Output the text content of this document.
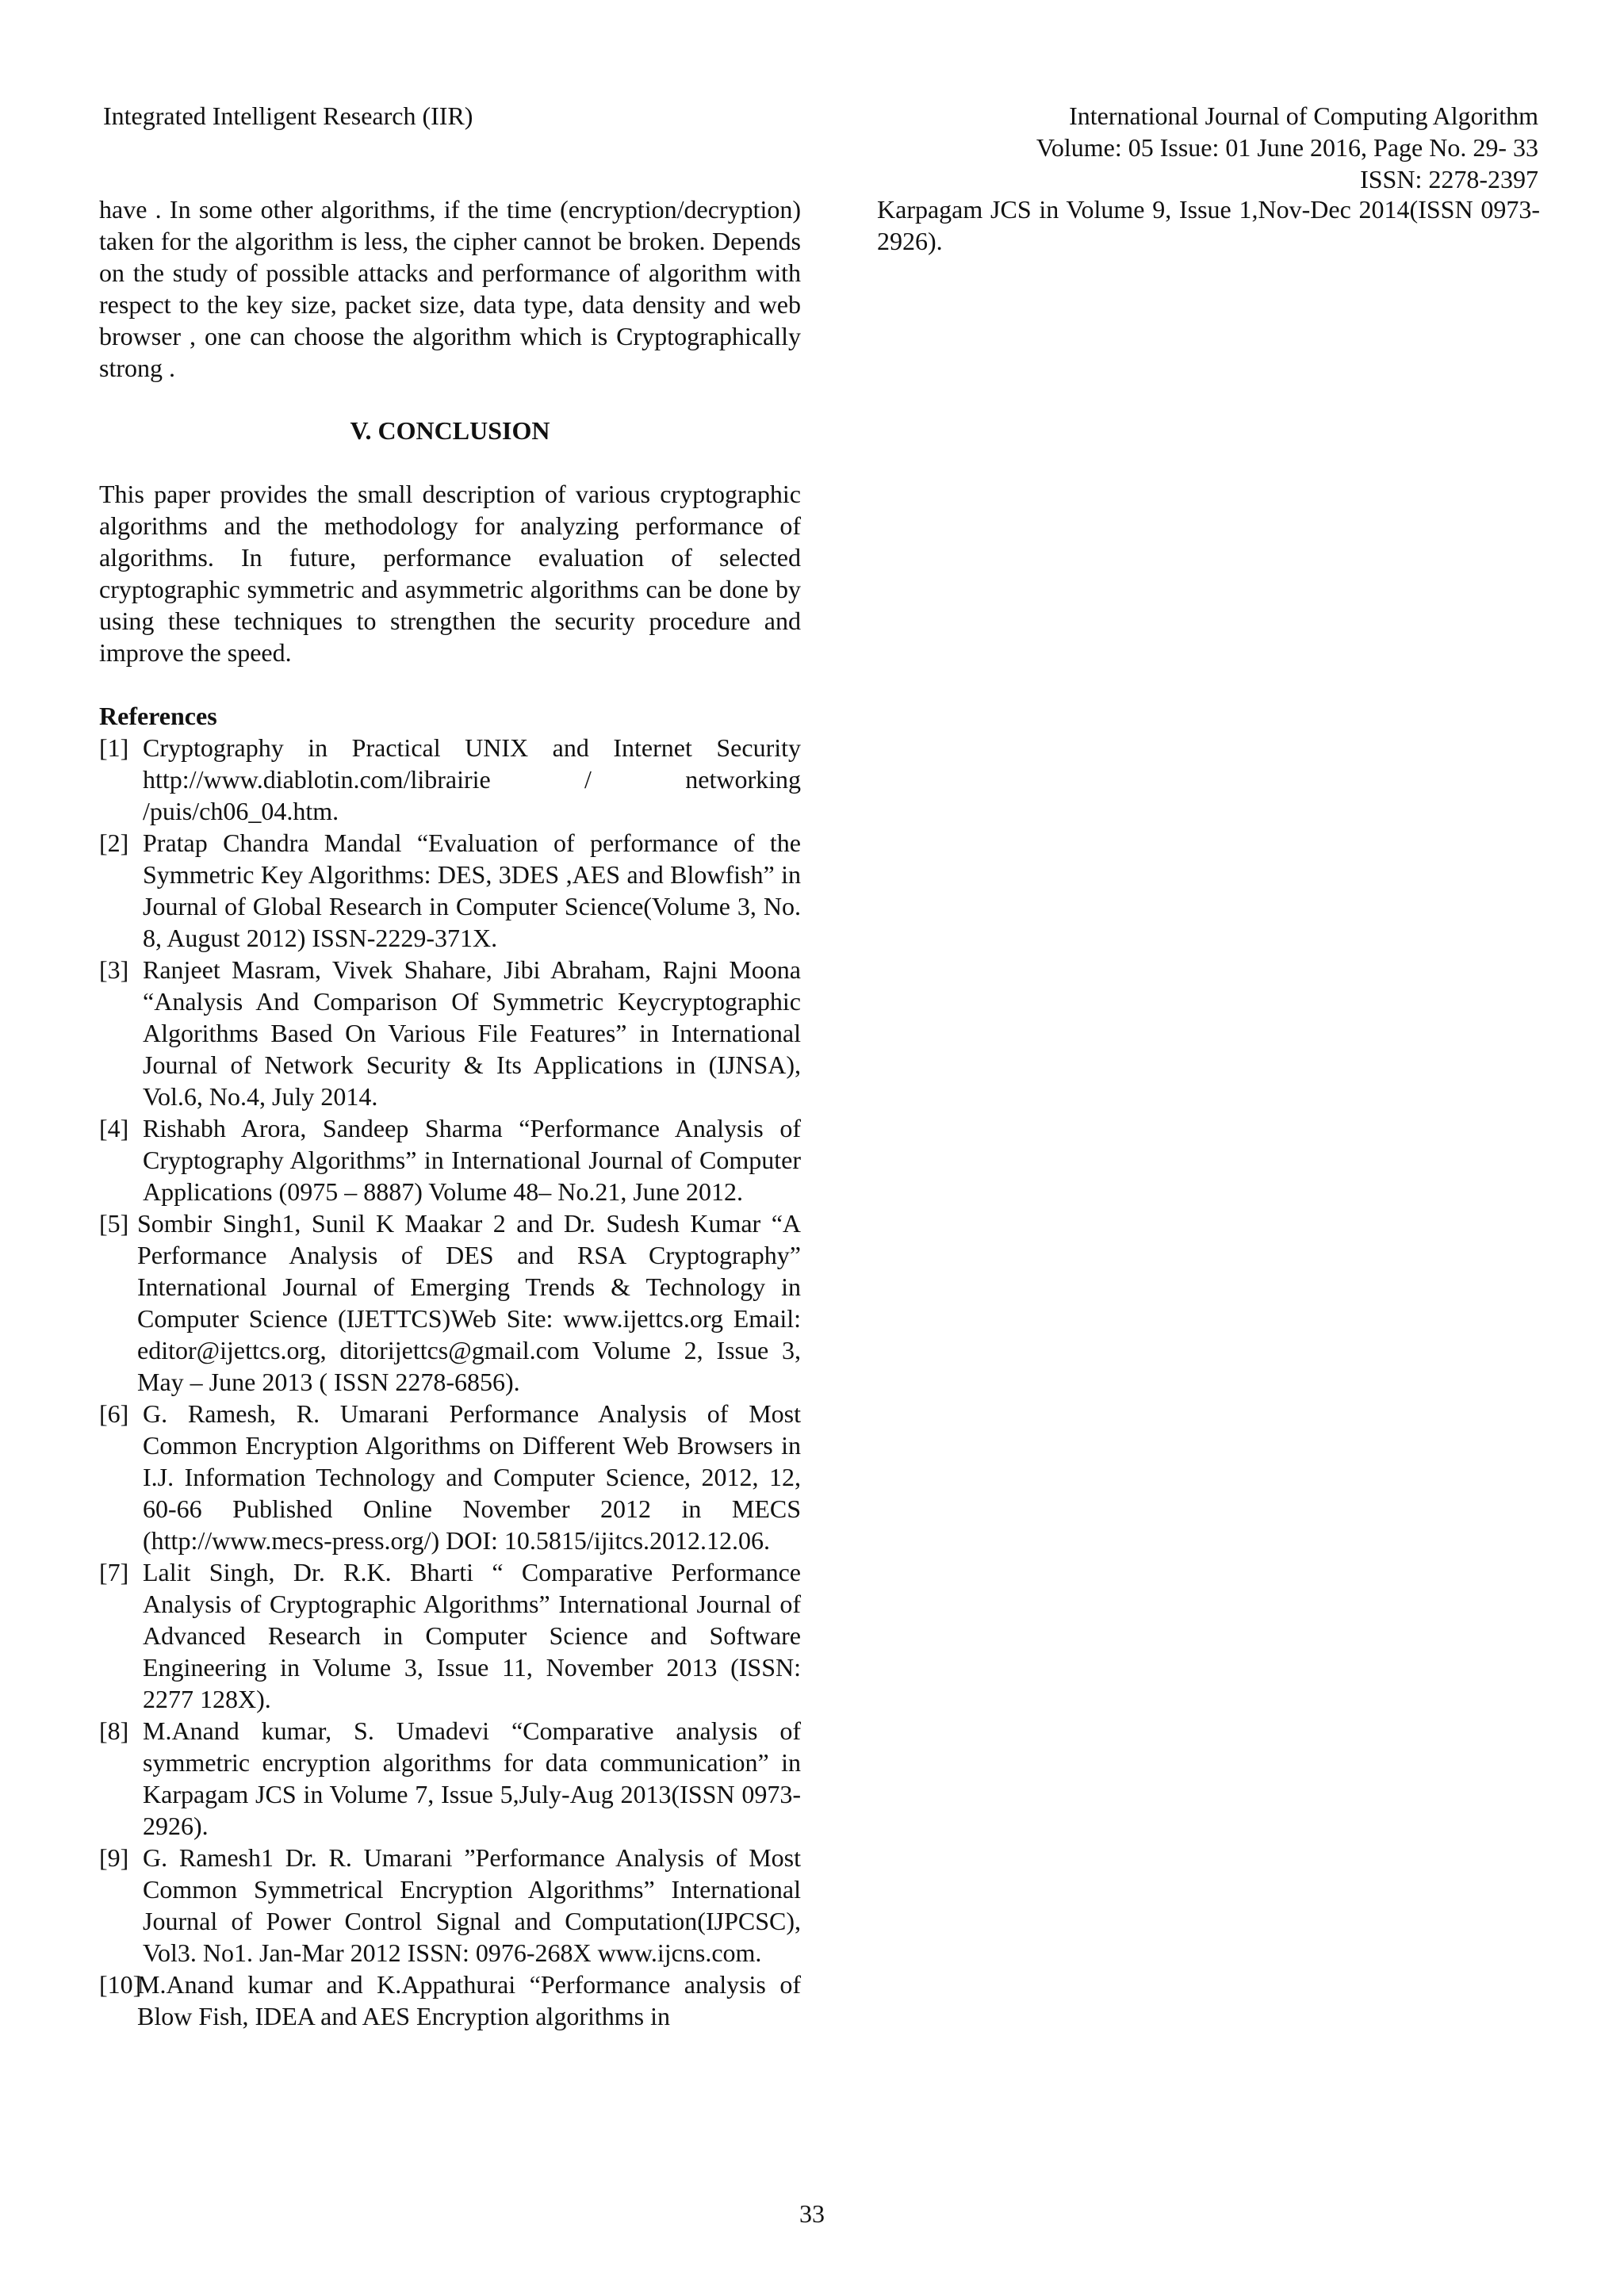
Integrated Intelligent Research (IIR)	International Journal of Computing Algorithm
Volume: 05 Issue: 01 June 2016, Page No. 29- 33
ISSN: 2278-2397

have . In some other algorithms, if the time (encryption/decryption) taken for the algorithm is less, the cipher cannot be broken. Depends on the study of possible attacks and performance of algorithm with respect to the key size, packet size, data type, data density and web browser , one can choose the algorithm which is Cryptographically strong .

V. CONCLUSION

This paper provides the small description of various cryptographic algorithms and the methodology for analyzing performance of algorithms. In future, performance evaluation of selected cryptographic symmetric and asymmetric algorithms can be done by using these techniques to strengthen the security procedure and improve the speed.

References
[1] Cryptography in Practical UNIX and Internet Security http://www.diablotin.com/librairie / networking /puis/ch06_04.htm.
[2] Pratap Chandra Mandal “Evaluation of performance of the Symmetric Key Algorithms: DES, 3DES ,AES and Blowfish” in Journal of Global Research in Computer Science(Volume 3, No. 8, August 2012) ISSN-2229-371X.
[3] Ranjeet Masram, Vivek Shahare, Jibi Abraham, Rajni Moona “Analysis And Comparison Of Symmetric Keycryptographic Algorithms Based On Various File Features” in International Journal of Network Security & Its Applications in (IJNSA), Vol.6, No.4, July 2014.
[4] Rishabh Arora, Sandeep Sharma “Performance Analysis of Cryptography Algorithms” in International Journal of Computer Applications (0975 – 8887) Volume 48– No.21, June 2012.
[5] Sombir Singh1, Sunil K Maakar 2 and Dr. Sudesh Kumar “A Performance Analysis of DES and RSA Cryptography” International Journal of Emerging Trends & Technology in Computer Science (IJETTCS)Web Site: www.ijettcs.org Email: editor@ijettcs.org, ditorijettcs@gmail.com Volume 2, Issue 3, May – June 2013 ( ISSN 2278-6856).
[6] G. Ramesh, R. Umarani Performance Analysis of Most Common Encryption Algorithms on Different Web Browsers in I.J. Information Technology and Computer Science, 2012, 12, 60-66 Published Online November 2012 in MECS (http://www.mecs-press.org/) DOI: 10.5815/ijitcs.2012.12.06.
[7] Lalit Singh, Dr. R.K. Bharti “ Comparative Performance Analysis of Cryptographic Algorithms” International Journal of Advanced Research in Computer Science and Software Engineering in Volume 3, Issue 11, November 2013 (ISSN: 2277 128X).
[8] M.Anand kumar, S. Umadevi “Comparative analysis of symmetric encryption algorithms for data communication” in Karpagam JCS in Volume 7, Issue 5,July-Aug 2013(ISSN 0973-2926).
[9] G. Ramesh1 Dr. R. Umarani ”Performance Analysis of Most Common Symmetrical Encryption Algorithms” International Journal of Power Control Signal and Computation(IJPCSC), Vol3. No1. Jan-Mar 2012 ISSN: 0976-268X www.ijcns.com.
[10]
M.Anand kumar and K.Appathurai “Performance analysis of Blow Fish, IDEA and AES Encryption algorithms in

Karpagam JCS in Volume 9, Issue 1,Nov-Dec 2014(ISSN 0973-2926).

33
